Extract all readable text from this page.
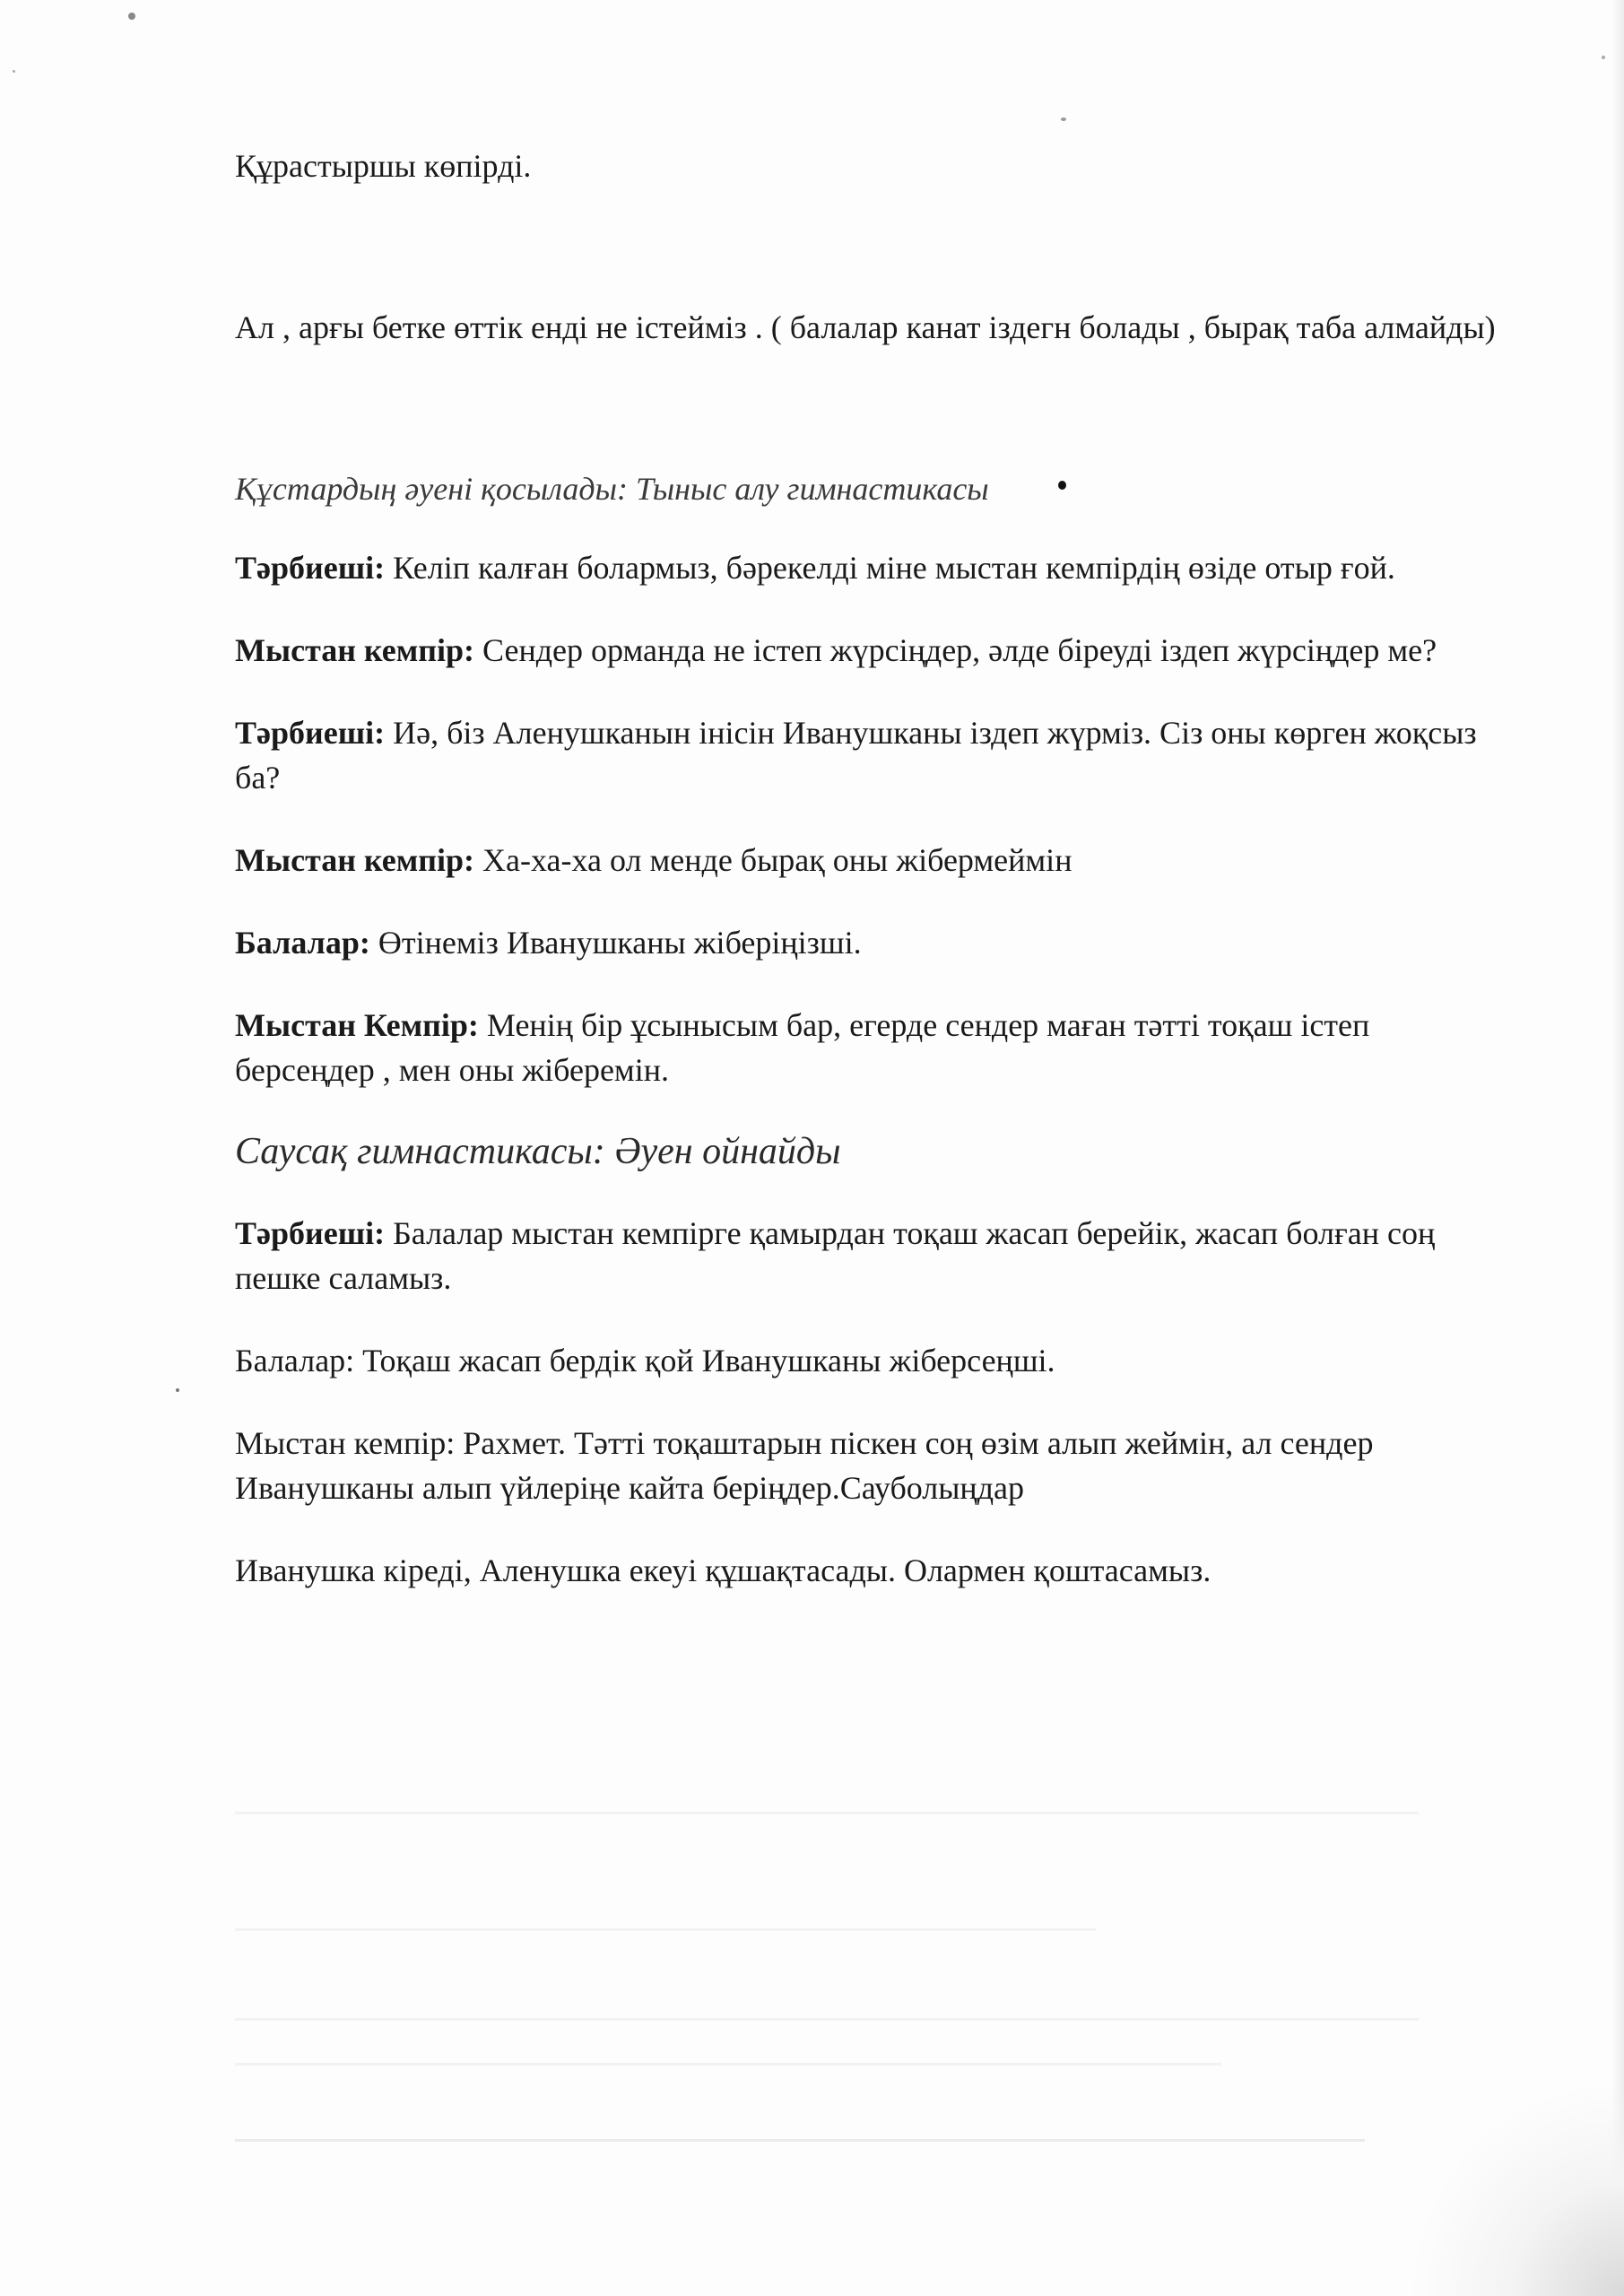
Құрастыршы көпірді.

Ал , арғы бетке өттік енді не істейміз . ( балалар канат іздегн болады , бырақ таба алмайды)

Құстардың әуені қосылады: Тыныс алу гимнастикасы

Тәрбиеші: Келіп калған болармыз, бәрекелді міне мыстан кемпірдің өзіде отыр ғой.

Мыстан кемпір: Сендер орманда не істеп жүрсіңдер, әлде біреуді іздеп жүрсіңдер ме?

Тәрбиеші: Иә, біз Аленушканын інісін Иванушканы іздеп жүрміз. Сіз оны көрген жоқсыз ба?

Мыстан кемпір: Ха-ха-ха ол менде бырақ оны жібермеймін

Балалар: Өтінеміз Иванушканы жіберіңізші.

Мыстан Кемпір: Менің бір ұсынысым бар, егерде сендер маған тәтті тоқаш істеп берсеңдер , мен оны жіберемін.

Саусақ гимнастикасы: Әуен ойнайды

Тәрбиеші: Балалар мыстан кемпірге қамырдан тоқаш жасап берейік, жасап болған соң пешке саламыз.

Балалар: Тоқаш жасап бердік қой Иванушканы жіберсеңші.

Мыстан кемпір: Рахмет. Тәтті тоқаштарын піскен соң өзім алып жеймін, ал сендер Иванушканы алып үйлеріңе кайта беріңдер.Сауболыңдар

Иванушка кіреді, Аленушка екеуі құшақтасады. Олармен қоштасамыз.
